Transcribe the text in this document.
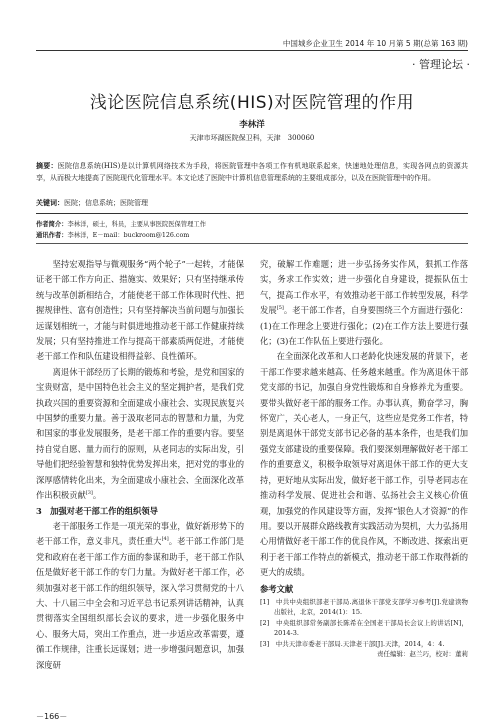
中国城乡企业卫生 2014 年 10 月第 5 期(总第 163 期)
· 管理论坛 ·
浅论医院信息系统(HIS)对医院管理的作用
李林洋
天津市环湖医院保卫科，天津　300060
摘要：医院信息系统(HIS)是以计算机网络技术为手段，将医院管理中各项工作有机地联系起来，快速地处理信息，实现各网点的资源共享，从而极大地提高了医院现代化管理水平。本文论述了医院中计算机信息管理系统的主要组成部分，以及在医院管理中的作用。
关键词：医院；信息系统；医院管理
作者简介：李林洋，硕士，科员，主要从事医院医保管理工作
通讯作者：李林洋，E－mail：buckroom@126.com

坚持宏观指导与微观服务“两个轮子”一起转，才能保证老干部工作方向正、措施实、效果好；只有坚持继承传统与改革创新相结合，才能使老干部工作体现时代性、把握规律性、富有创造性；只有坚持解决当前问题与加强长远谋划相统一，才能与时俱进地推动老干部工作健康持续发展；只有坚持推进工作与提高干部素质两促进，才能使老干部工作和队伍建设相得益彰、良性循环。

离退休干部经历了长期的锻炼和考验，是党和国家的宝贵财富，是中国特色社会主义的坚定拥护者，是我们党执政兴国的重要资源和全面建成小康社会、实现民族复兴中国梦的重要力量。善于汲取老同志的智慧和力量，为党和国家的事业发展服务，是老干部工作的重要内容。要坚持自觉自愿、量力而行的原则，从老同志的实际出发，引导他们把经验智慧和独特优势发挥出来，把对党的事业的深厚感情转化出来，为全面建成小康社会、全面深化改革作出积极贡献[3]。

3　加强对老干部工作的组织领导

老干部服务工作是一项光荣的事业，做好新形势下的老干部工作，意义非凡，责任重大[4]。老干部工作部门是党和政府在老干部工作方面的参谋和助手，老干部工作队伍是做好老干部工作的专门力量。为做好老干部工作，必须加强对老干部工作的组织领导，深入学习贯彻党的十八大、十八届三中全会和习近平总书记系列讲话精神，认真贯彻落实全国组织部长会议的要求，进一步强化服务中心、服务大局，突出工作重点，进一步适应改革需要，遵循工作规律，注重长远谋划；进一步增强问题意识，加强深度研

究，破解工作难题；进一步弘扬务实作风，狠抓工作落实，务求工作实效；进一步强化自身建设，提振队伍士气，提高工作水平，有效推动老干部工作转型发展，科学发展[5]。老干部工作者，自身要围绕三个方面进行强化：(1)在工作理念上要进行强化；(2)在工作方法上要进行强化；(3)在工作队伍上要进行强化。

在全面深化改革和人口老龄化快速发展的背景下，老干部工作要求越来越高、任务越来越重。作为离退休干部党支部的书记，加强自身党性锻炼和自身修养尤为重要。要带头做好老干部的服务工作。办事认真，勤奋学习，胸怀宽广，关心老人，一身正气，这些应是党务工作者，特别是离退休干部党支部书记必备的基本条件，也是我们加强党支部建设的重要保障。我们要深刻理解做好老干部工作的重要意义，积极争取领导对离退休干部工作的更大支持，更好地从实际出发，做好老干部工作，引导老同志在推动科学发展、促进社会和谐、弘扬社会主义核心价值观，加强党的作风建设等方面，发挥“银色人才资源”的作用。要以开展群众路线教育实践活动为契机，大力弘扬用心用情做好老干部工作的优良作风，不断改进、探索出更利于老干部工作特点的新模式，推动老干部工作取得新的更大的成绩。

参考文献
[1]　中共中央组织部老干部局.离退休干部党支部学习参考[J].党建读物出版社，北京，2014(1)：15.
[2]　中央组织部常务副部长陈希在全国老干部局长会议上的讲话[N]，2014-3.
[3]　中共天津市委老干部局.天津老干部[J].天津，2014，4：4.
责任编辑：赵兰巧，校对：董莉
－166－
